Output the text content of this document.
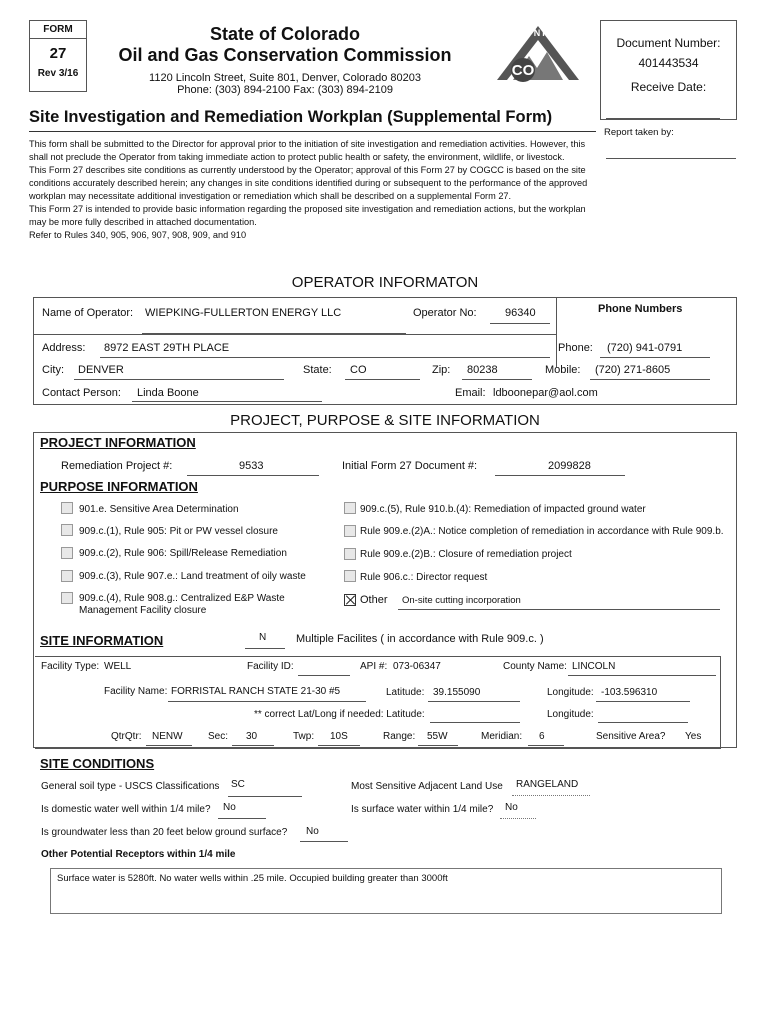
FORM
27
Rev 3/16
State of Colorado
Oil and Gas Conservation Commission
1120 Lincoln Street, Suite 801, Denver, Colorado 80203
Phone: (303) 894-2100 Fax: (303) 894-2109
DNR
CO
Document Number:
401443534
Receive Date:
Report taken by:
Site Investigation and Remediation Workplan (Supplemental Form)

This form shall be submitted to the Director for approval prior to the initiation of site investigation and remediation activities. However, this shall not preclude the Operator from taking immediate action to protect public health or safety, the environment, wildlife, or livestock.

This Form 27 describes site conditions as currently understood by the Operator; approval of this Form 27 by COGCC is based on the site conditions accurately described herein; any changes in site conditions identified during or subsequent to the performance of the approved workplan may necessitate additional investigation or remediation which shall be described on a supplemental Form 27.

This Form 27 is intended to provide basic information regarding the proposed site investigation and remediation actions, but the workplan may be more fully described in attached documentation.

Refer to Rules 340, 905, 906, 907, 908, 909, and 910

OPERATOR INFORMATON
Name of Operator: WIEPKING-FULLERTON ENERGY LLC	Operator No:	96340	Phone Numbers
Address: 8972 EAST 29TH PLACE	Phone: (720) 941-0791
City: DENVER	State: CO	Zip: 80238	Mobile: (720) 271-8605
Contact Person: Linda Boone	Email: ldboonepar@aol.com
PROJECT, PURPOSE & SITE INFORMATION
PROJECT INFORMATION
Remediation Project #:	9533	Initial Form 27 Document #:	2099828
PURPOSE INFORMATION
901.e. Sensitive Area Determination
909.c.(1), Rule 905: Pit or PW vessel closure
909.c.(2), Rule 906: Spill/Release Remediation
909.c.(3), Rule 907.e.: Land treatment of oily waste
909.c.(4), Rule 908.g.: Centralized E&P Waste
Management Facility closure
909.c.(5), Rule 910.b.(4): Remediation of impacted ground water
Rule 909.e.(2)A.: Notice completion of remediation in accordance with Rule 909.b.
Rule 909.e.(2)B.: Closure of remediation project
Rule 906.c.: Director request
Other On-site cutting incorporation
SITE INFORMATION	N	Multiple Facilites ( in accordance with Rule 909.c. )
Facility Type: WELL	Facility ID:	API #: 073-06347	County Name: LINCOLN
Facility Name: FORRISTAL RANCH STATE 21-30 #5	Latitude: 39.155090	Longitude: -103.596310
** correct Lat/Long if needed: Latitude:	Longitude:
QtrQtr: NENW	Sec: 30	Twp: 10S	Range: 55W	Meridian: 6	Sensitive Area? Yes
SITE CONDITIONS
General soil type - USCS Classifications SC	Most Sensitive Adjacent Land Use RANGELAND
Is domestic water well within 1/4 mile? No	Is surface water within 1/4 mile? No
Is groundwater less than 20 feet below ground surface? No
Other Potential Receptors within 1/4 mile
Surface water is 5280ft. No water wells within .25 mile. Occupied building greater than 3000ft
